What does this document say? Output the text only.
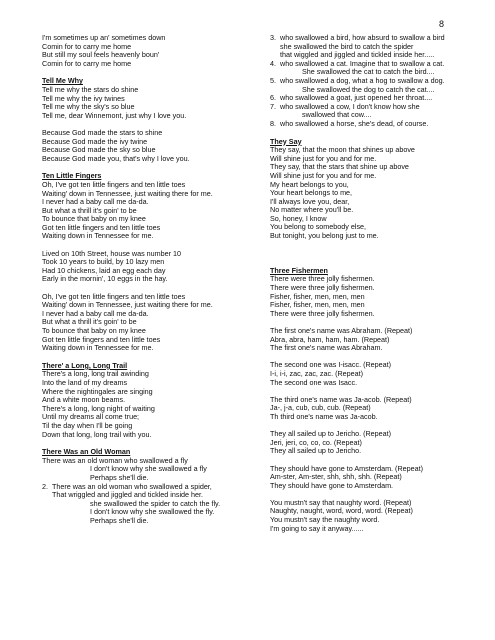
8

I'm sometimes up an' sometimes down

Comin for to carry me home

But still my soul feels heavenly boun'

Comin for to carry me home

Tell Me Why

Tell me why the stars do shine

Tell me why the ivy twines

Tell me why the sky's so blue

Tell me, dear Winnemont, just why I love you.

Because God made the stars to shine

Because God made the ivy twine

Because God made the sky so blue

Because God made you, that's why I love you.

Ten Little Fingers

Oh, I've got ten little fingers and ten little toes

Waiting' down in Tennessee, just waiting there for me.

I never had a baby call me da-da.

But what a thrill it's goin' to be

To bounce that baby on my knee

Got ten little fingers and ten little toes

Waiting down in Tennessee for me.

Lived on 10th Street, house was number 10

Took 10 years to build, by 10 lazy men

Had 10 chickens, laid an egg each day

Early in the mornin', 10 eggs in the hay.

Oh, I've got ten little fingers and ten little toes

Waiting' down in Tennessee, just waiting there for me.

I never had a baby call me da-da.

But what a thrill it's goin' to be

To bounce that baby on my knee

Got ten little fingers and ten little toes

Waiting down in Tennessee for me.

There' a Long, Long Trail

There's a long, long trail awinding

Into the land of my dreams

Where the nightingales are singing

And a white moon beams.

There's a long, long night of waiting

Until my dreams all come true;

Til the day when I'll be going

Down that long, long trail with you.

There Was an Old Woman

There was an old woman who swallowed a fly

I don't know why she swallowed a fly

Perhaps she'll die.

2. There was an old woman who swallowed a spider,

That wriggled and jiggled and tickled inside her.

she swallowed the spider to catch the fly.

I don't know why she swallowed the fly.

Perhaps she'll die.

3. who swallowed a bird, how absurd to swallow a bird

she swallowed the bird to catch the spider

that wiggled and jiggled and tickled inside her.....

4. who swallowed a cat. Imagine that to swallow a cat.

She swallowed the cat to catch the bird....

5. who swallowed a dog, what a hog to swallow a dog.

She swallowed the dog to catch the cat....

6. who swallowed a goat, just opened her throat....
7. who swallowed a cow, I don't know how she

swallowed that cow....

8. who swallowed a horse, she's dead, of course.

They Say

They say, that the moon that shines up above

Will shine just for you and for me.

They say, that the stars that shine up above

Will shine just for you and for me.

My heart belongs to you,

Your heart belongs to me,

I'll always love you, dear,

No matter where you'll be.

So, honey, I know

You belong to somebody else,

But tonight, you belong just to me.

Three Fishermen

There were three jolly fishermen.

There were three jolly fishermen.

Fisher, fisher, men, men, men

Fisher, fisher, men, men, men

There were three jolly fishermen.

The first one's name was Abraham. (Repeat)

Abra, abra, ham, ham, ham. (Repeat)

The first one's name was Abraham.

The second one was I-isacc. (Repeat)

I-i, i-i, zac, zac, zac. (Repeat)

The second one was Isacc.

The third one's name was Ja-acob. (Repeat)

Ja-, j-a, cub, cub, cub. (Repeat)

Th third one's name was Ja-acob.

They all sailed up to Jericho. (Repeat)

Jeri, jeri, co, co, co. (Repeat)

They all sailed up to Jericho.

They should have gone to Amsterdam. (Repeat)

Am-ster, Am-ster, shh, shh, shh. (Repeat)

They should have gone to Amsterdam.

You mustn't say that naughty word. (Repeat)

Naughty, naught, word, word, word. (Repeat)

You mustn't say the naughty word.

I'm going to say it anyway......
